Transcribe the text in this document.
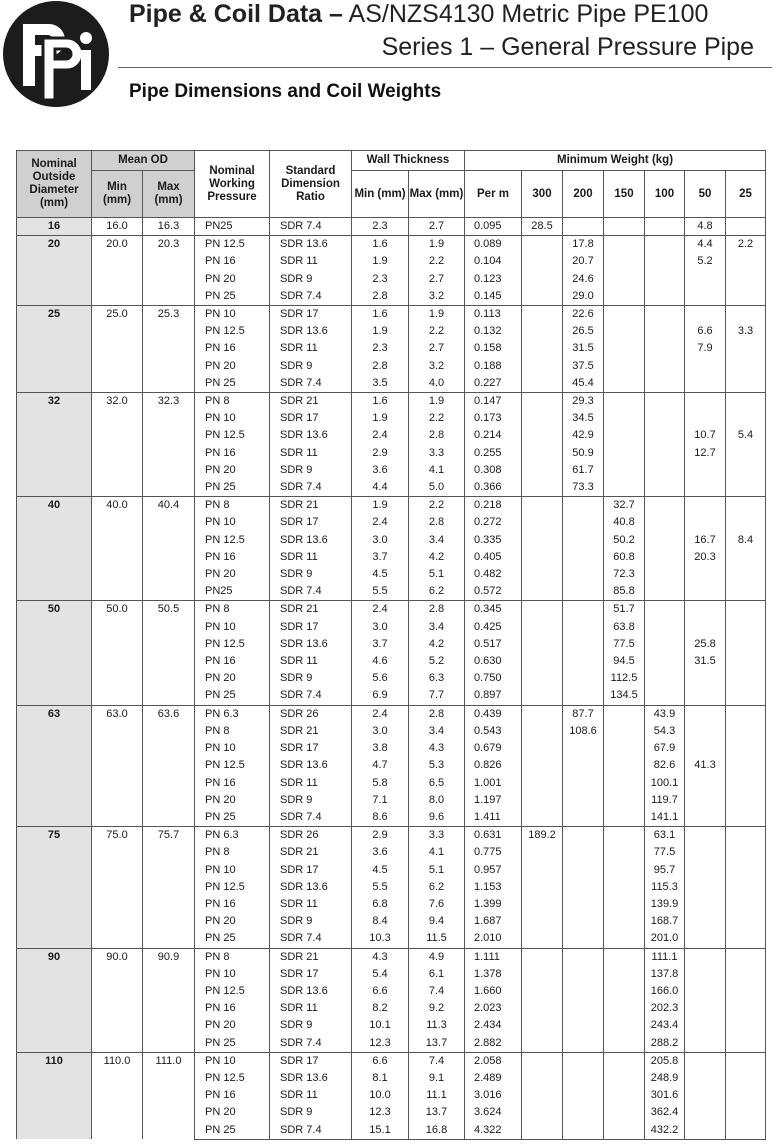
Pipe & Coil Data – AS/NZS4130 Metric Pipe PE100
Series 1 – General Pressure Pipe
Pipe Dimensions and Coil Weights
Nominal Outside Diameter (mm)	Mean OD		Nominal Working Pressure	Standard Dimension Ratio	Wall Thickness		Minimum Weight (kg)						
	Min (mm)	Max (mm)			Min (mm)	Max (mm)	Per m	300	200	150	100	50	25
16	16.0	16.3	PN25	SDR 7.4	2.3	2.7	0.095	28.5				4.8	
20	20.0	20.3	PN 12.5	SDR 13.6	1.6	1.9	0.089		17.8			4.4	2.2
			PN 16	SDR 11	1.9	2.2	0.104		20.7			5.2	
			PN 20	SDR 9	2.3	2.7	0.123		24.6				
			PN 25	SDR 7.4	2.8	3.2	0.145		29.0				
25	25.0	25.3	PN 10	SDR 17	1.6	1.9	0.113		22.6				
			PN 12.5	SDR 13.6	1.9	2.2	0.132		26.5			6.6	3.3
			PN 16	SDR 11	2.3	2.7	0.158		31.5			7.9	
			PN 20	SDR 9	2.8	3.2	0.188		37.5				
			PN 25	SDR 7.4	3.5	4.0	0.227		45.4				
32	32.0	32.3	PN 8	SDR 21	1.6	1.9	0.147		29.3				
			PN 10	SDR 17	1.9	2.2	0.173		34.5				
			PN 12.5	SDR 13.6	2.4	2.8	0.214		42.9			10.7	5.4
			PN 16	SDR 11	2.9	3.3	0.255		50.9			12.7	
			PN 20	SDR 9	3.6	4.1	0.308		61.7				
			PN 25	SDR 7.4	4.4	5.0	0.366		73.3				
40	40.0	40.4	PN 8	SDR 21	1.9	2.2	0.218			32.7			
			PN 10	SDR 17	2.4	2.8	0.272			40.8			
			PN 12.5	SDR 13.6	3.0	3.4	0.335			50.2		16.7	8.4
			PN 16	SDR 11	3.7	4.2	0.405			60.8		20.3	
			PN 20	SDR 9	4.5	5.1	0.482			72.3			
			PN25	SDR 7.4	5.5	6.2	0.572			85.8			
50	50.0	50.5	PN 8	SDR 21	2.4	2.8	0.345			51.7			
			PN 10	SDR 17	3.0	3.4	0.425			63.8			
			PN 12.5	SDR 13.6	3.7	4.2	0.517			77.5		25.8	
			PN 16	SDR 11	4.6	5.2	0.630			94.5		31.5	
			PN 20	SDR 9	5.6	6.3	0.750			112.5			
			PN 25	SDR 7.4	6.9	7.7	0.897			134.5			
63	63.0	63.6	PN 6.3	SDR 26	2.4	2.8	0.439		87.7		43.9		
			PN 8	SDR 21	3.0	3.4	0.543		108.6		54.3		
			PN 10	SDR 17	3.8	4.3	0.679				67.9		
			PN 12.5	SDR 13.6	4.7	5.3	0.826				82.6	41.3	
			PN 16	SDR 11	5.8	6.5	1.001				100.1		
			PN 20	SDR 9	7.1	8.0	1.197				119.7		
			PN 25	SDR 7.4	8.6	9.6	1.411				141.1		
75	75.0	75.7	PN 6.3	SDR 26	2.9	3.3	0.631	189.2			63.1		
			PN 8	SDR 21	3.6	4.1	0.775				77.5		
			PN 10	SDR 17	4.5	5.1	0.957				95.7		
			PN 12.5	SDR 13.6	5.5	6.2	1.153				115.3		
			PN 16	SDR 11	6.8	7.6	1.399				139.9		
			PN 20	SDR 9	8.4	9.4	1.687				168.7		
			PN 25	SDR 7.4	10.3	11.5	2.010				201.0		
90	90.0	90.9	PN 8	SDR 21	4.3	4.9	1.111				111.1		
			PN 10	SDR 17	5.4	6.1	1.378				137.8		
			PN 12.5	SDR 13.6	6.6	7.4	1.660				166.0		
			PN 16	SDR 11	8.2	9.2	2.023				202.3		
			PN 20	SDR 9	10.1	11.3	2.434				243.4		
			PN 25	SDR 7.4	12.3	13.7	2.882				288.2		
110	110.0	111.0	PN 10	SDR 17	6.6	7.4	2.058				205.8		
			PN 12.5	SDR 13.6	8.1	9.1	2.489				248.9		
			PN 16	SDR 11	10.0	11.1	3.016				301.6		
			PN 20	SDR 9	12.3	13.7	3.624				362.4		
			PN 25	SDR 7.4	15.1	16.8	4.322				432.2		
